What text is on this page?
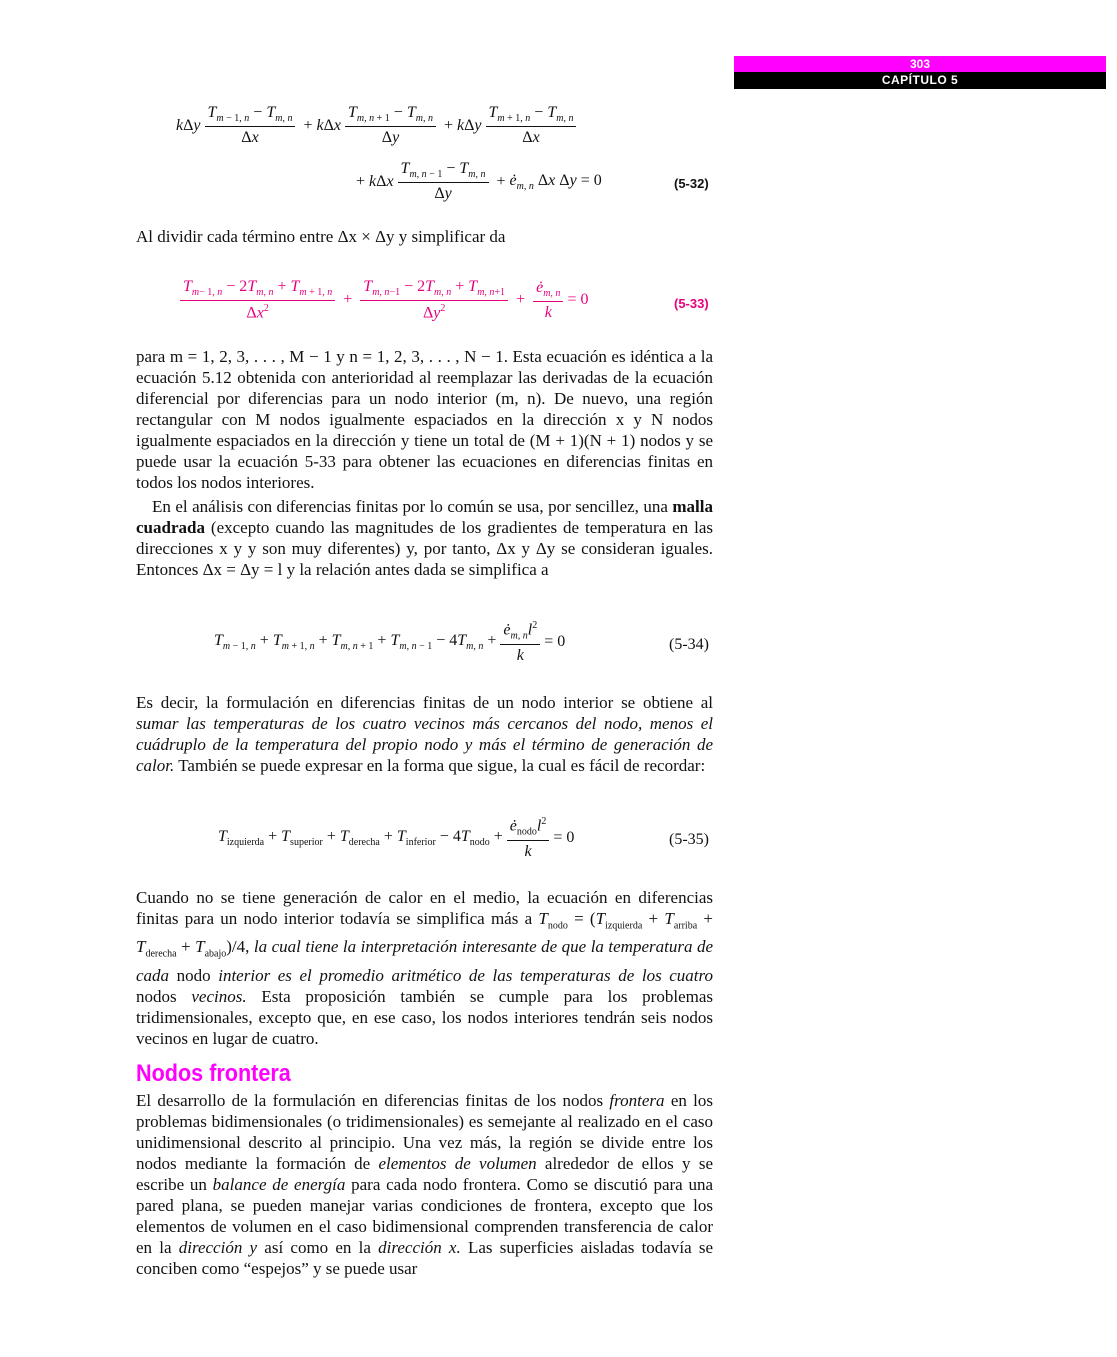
303
CAPÍTULO 5
kΔy $\frac{T_{m - 1, n} - T_{m, n}}{\Delta x} + k\Delta x \frac{T_{m, n + 1} - T_{m, n}}{\Delta y} + k\Delta y \frac{T_{m + 1, n} - T_{m, n}}{\Delta x}$
+ kΔx $\frac{T_{m, n - 1} - T_{m, n}}{\Delta y}$ + $ė_{m, n}$ Δx Δy = 0	(5-32)
Al dividir cada término entre Δx × Δy y simplificar da
$\frac{T_{m- 1, n} - 2T_{m, n} + T_{m + 1, n}}{\Delta x^2} + \frac{T_{m, n-1} - 2T_{m, n} + T_{m, n+1}}{\Delta y^2} + \frac{ė_{m, n}}{k} = 0$	(5-33)

para m = 1, 2, 3, . . . , M − 1 y n = 1, 2, 3, . . . , N − 1. Esta ecuación es idéntica a la ecuación 5.12 obtenida con anterioridad al reemplazar las derivadas de la ecuación diferencial por diferencias para un nodo interior (m, n). De nuevo, una región rectangular con M nodos igualmente espaciados en la dirección x y N nodos igualmente espaciados en la dirección y tiene un total de (M + 1)(N + 1) nodos y se puede usar la ecuación 5-33 para obtener las ecuaciones en diferencias finitas en todos los nodos interiores.

En el análisis con diferencias finitas por lo común se usa, por sencillez, una malla cuadrada (excepto cuando las magnitudes de los gradientes de temperatura en las direcciones x y y son muy diferentes) y, por tanto, Δx y Δy se consideran iguales. Entonces Δx = Δy = l y la relación antes dada se simplifica a

$T_{m - 1, n} + T_{m + 1, n} + T_{m, n + 1} + T_{m, n - 1} - 4T_{m, n} + \frac{ė_{m, n}l^2}{k} = 0$	(5-34)

Es decir, la formulación en diferencias finitas de un nodo interior se obtiene al sumar las temperaturas de los cuatro vecinos más cercanos del nodo, menos el cuádruplo de la temperatura del propio nodo y más el término de generación de calor. También se puede expresar en la forma que sigue, la cual es fácil de recordar:

$T_{izquierda} + T_{superior} + T_{derecha} + T_{inferior} - 4T_{nodo} + \frac{ė_{nodo}l^2}{k} = 0$	(5-35)

Cuando no se tiene generación de calor en el medio, la ecuación en diferencias finitas para un nodo interior todavía se simplifica más a $T_{nodo} = (T_{izquierda} + T_{arriba} + T_{derecha} + T_{abajo})/4$, la cual tiene la interpretación interesante de que la temperatura de cada nodo interior es el promedio aritmético de las temperaturas de los cuatro nodos vecinos. Esta proposición también se cumple para los problemas tridimensionales, excepto que, en ese caso, los nodos interiores tendrán seis nodos vecinos en lugar de cuatro.

Nodos frontera

El desarrollo de la formulación en diferencias finitas de los nodos frontera en los problemas bidimensionales (o tridimensionales) es semejante al realizado en el caso unidimensional descrito al principio. Una vez más, la región se divide entre los nodos mediante la formación de elementos de volumen alrededor de ellos y se escribe un balance de energía para cada nodo frontera. Como se discutió para una pared plana, se pueden manejar varias condiciones de frontera, excepto que los elementos de volumen en el caso bidimensional comprenden transferencia de calor en la dirección y así como en la dirección x. Las superficies aisladas todavía se conciben como “espejos” y se puede usar
